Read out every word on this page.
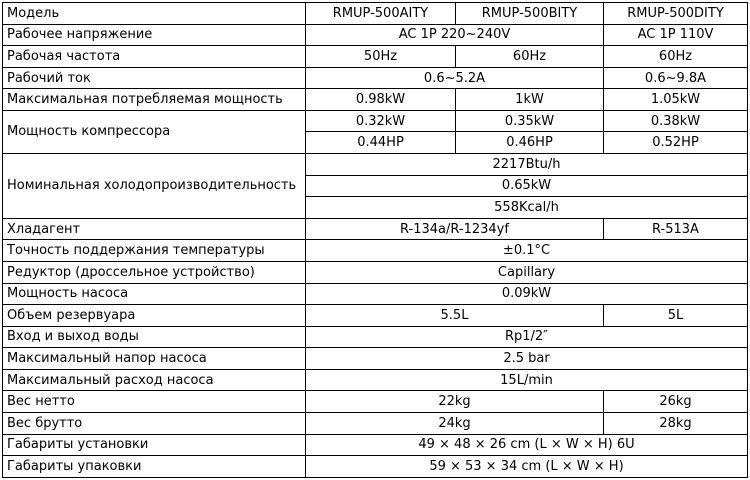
Модель	RMUP-500AITY	RMUP-500BITY	RMUP-500DITY
Рабочее напряжение	AC 1P 220~240V		AC 1P 110V
Рабочая частота	50Hz	60Hz	60Hz
Рабочий ток	0.6~5.2A		0.6~9.8A
Максимальная потребляемая мощность	0.98kW	1kW	1.05kW
Мощность компрессора	0.32kW	0.35kW	0.38kW
	0.44HP	0.46HP	0.52HP
Номинальная холодопроизводительность	2217Btu/h		
	0.65kW		
	558Kcal/h		
Хладагент	R-134a/R-1234yf		R-513A
Точность поддержания температуры	±0.1°C		
Редуктор (дроссельное устройство)	Capillary		
Мощность насоса	0.09kW		
Объем резервуара	5.5L		5L
Вход и выход воды	Rp1/2″		
Максимальный напор насоса	2.5 bar		
Максимальный расход насоса	15L/min		
Вес нетто	22kg		26kg
Вес брутто	24kg		28kg
Габариты установки	49 × 48 × 26 cm (L × W × H) 6U		
Габариты упаковки	59 × 53 × 34 cm (L × W × H)		
